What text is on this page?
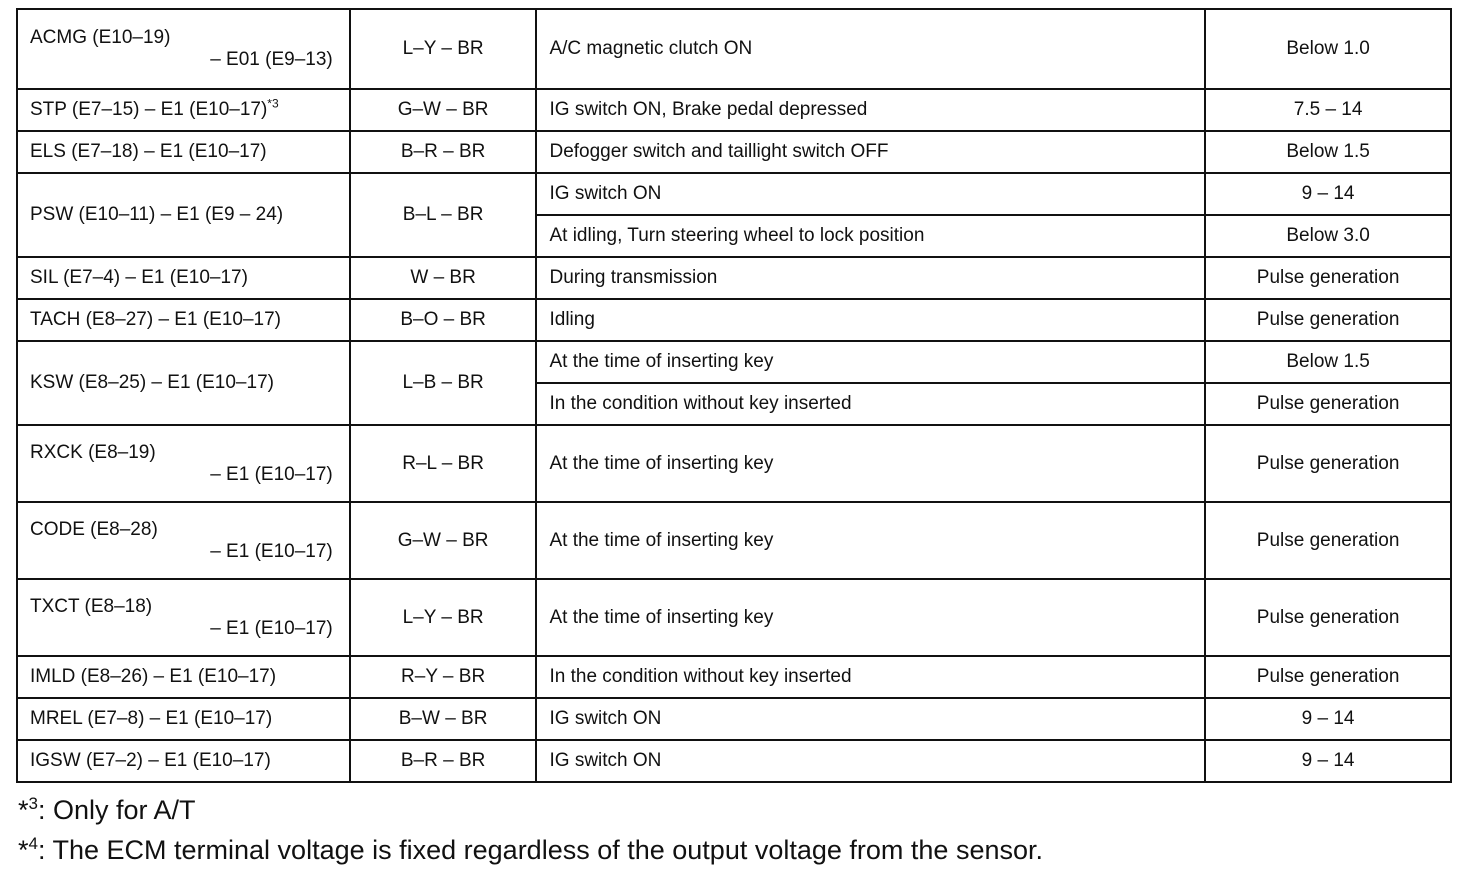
ACMG (E10–19)
– E01 (E9–13)	L–Y – BR	A/C magnetic clutch ON	Below 1.0
STP (E7–15) – E1 $(E10-17)^{*3}$	G–W – BR	IG switch ON, Brake pedal depressed	7.5 – 14
ELS (E7–18) – E1 (E10–17)	B–R – BR	Defogger switch and taillight switch OFF	Below 1.5
PSW (E10–11) – E1 (E9 – 24)	B–L – BR	IG switch ON	9 – 14
		At idling, Turn steering wheel to lock position	Below 3.0
SIL (E7–4) – E1 (E10–17)	W – BR	During transmission	Pulse generation
TACH (E8–27) – E1 (E10–17)	B–O – BR	Idling	Pulse generation
KSW (E8–25) – E1 (E10–17)	L–B – BR	At the time of inserting key	Below 1.5
		In the condition without key inserted	Pulse generation

RXCK (E8–19)
– E1 (E10–17)	R–L – BR	At the time of inserting key	Pulse generation

CODE (E8–28)
– E1 (E10–17)	G–W – BR	At the time of inserting key	Pulse generation

TXCT (E8–18)
– E1 (E10–17)	L–Y – BR	At the time of inserting key	Pulse generation
IMLD (E8–26) – E1 (E10–17)	R–Y – BR	In the condition without key inserted	Pulse generation
MREL (E7–8) – E1 (E10–17)	B–W – BR	IG switch ON	9 – 14
IGSW (E7–2) – E1 (E10–17)	B–R – BR	IG switch ON	9 – 14
*$^3$: Only for A/T
*$^4$: The ECM terminal voltage is fixed regardless of the output voltage from the sensor.
